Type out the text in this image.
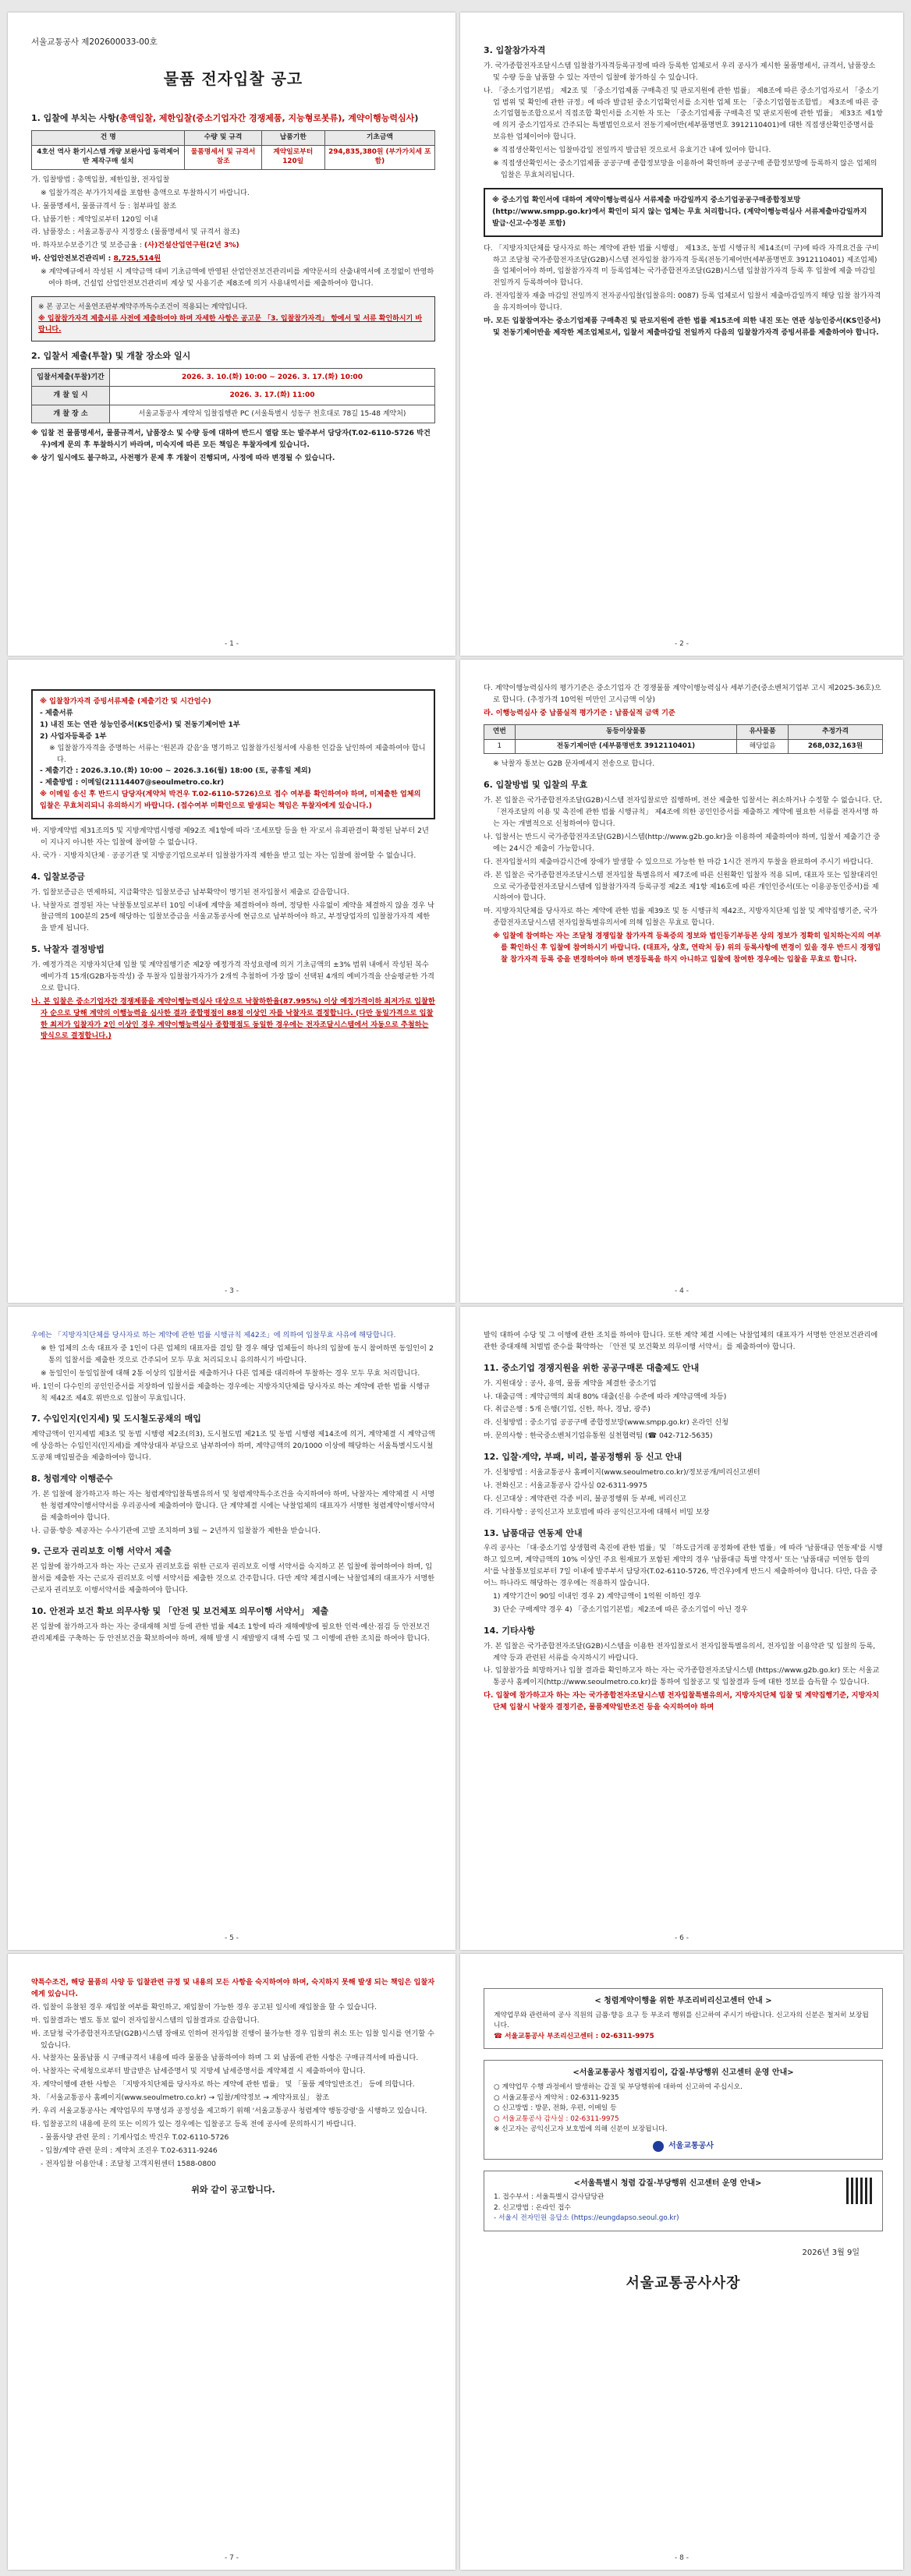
서울교통공사 제202600033-00호
물품 전자입찰 공고
1. 입찰에 부치는 사항(총액입찰, 제한입찰(중소기업자간 경쟁제품, 지능형로봇류), 계약이행능력심사)
건 명	수량 및 규격	납품기한	기초금액
4호선 역사 환기시스템 개량 보완사업 동력제어반 제작구매 설치	물품명세서 및 규격서 참조	계약일로부터 120일	294,835,380원 (부가가치세 포함)
가. 입찰방법 : 총액입찰, 제한입찰, 전자입찰
※ 입찰가격은 부가가치세를 포함한 총액으로 투찰하시기 바랍니다.
나. 물품명세서, 물품규격서 등 : 첨부파일 참조
다. 납품기한 : 계약일로부터 120일 이내
라. 납품장소 : 서울교통공사 지정장소 (물품명세서 및 규격서 참조)
마. 하자보수보증기간 및 보증금율 : (사)건설산업연구원(2년 3%)
바. 산업안전보건관리비 : 8,725,514원
※ 계약예규에서 작성된 시 계약금액 대비 기초금액에 반영된 산업안전보건관리비를 계약문서의 산출내역서에 조정없이 반영하여야 하며, 건설업 산업안전보건관리비 계상 및 사용기준 제8조에 의거 사용내역서를 제출하여야 합니다.
※ 본 공고는 서울연조판부계약주까독수조건이 적용되는 계약입니다.
※ 입찰참가자격 제출서류 사전에 제출하여야 하며 자세한 사항은 공고문 「3. 입찰참가자격」 항에서 및 서류 확인하시기 바랍니다.
2. 입찰서 제출(투찰) 및 개찰 장소와 일시
입찰서제출(투찰)기간	2026. 3. 10.(화) 10:00 ~ 2026. 3. 17.(화) 10:00
개 찰 일 시	2026. 3. 17.(화) 11:00
개 찰 장 소	서울교통공사 계약처 입찰집행관 PC (서울특별시 성동구 천호대로 78길 15-48 계약처)
※ 입찰 전 물품명세서, 물품규격서, 납품장소 및 수량 등에 대하여 반드시 열람 또는 발주부서 담당자(T.02-6110-5726 박건우)에게 문의 후 투찰하시기 바라며, 미숙지에 따른 모든 책임은 투찰자에게 있습니다.
※ 상기 일시에도 불구하고, 사전평가 문제 후 개찰이 진행되며, 사정에 따라 변경될 수 있습니다.
- 1 -
3. 입찰참가자격
가. 국가종합전자조달시스템 입찰참가자격등록규정에 따라 등록한 업체로서 우리 공사가 제시한 물품명세서, 규격서, 납품장소 및 수량 등을 납품할 수 있는 자만이 입찰에 참가하실 수 있습니다.
나. 「중소기업기본법」 제2조 및 「중소기업제품 구매촉진 및 판로지원에 관한 법률」 제8조에 따른 중소기업자로서 「중소기업 범위 및 확인에 관한 규정」에 따라 발급된 중소기업확인서를 소지한 업체 또는 「중소기업협동조합법」 제3조에 따른 중소기업협동조합으로서 직접조합 확인서를 소지한 자 또는 「중소기업제품 구매촉진 및 판로지원에 관한 법률」 제33조 제1항에 의거 중소기업자로 간주되는 특별법인으로서 전동기제어반(세부품명번호 3912110401)에 대한 직접생산확인증명서를 보유한 업체이어야 합니다.
※ 직접생산확인서는 입찰마감일 전일까지 발급된 것으로서 유효기간 내에 있어야 합니다.
※ 직접생산확인서는 중소기업제품 공공구매 종합정보망을 이용하여 확인하며 공공구매 종합정보망에 등록하지 않은 업체의 입찰은 무효처리됩니다.
※ 중소기업 확인서에 대하여 계약이행능력심사 서류제출 마감일까지 중소기업공공구매종합정보망(http://www.smpp.go.kr)에서 확인이 되지 않는 업체는 무효 처리합니다. (계약이행능력심사 서류제출마감일까지 발급·신고·수정분 포함)
다. 「지방자치단체를 당사자로 하는 계약에 관한 법률 시행령」 제13조, 동법 시행규칙 제14조(미 구)에 따라 자격요건을 구비하고 조달청 국가종합전자조달(G2B)시스템 전자입찰 참가자격 등록(전동기제어반(세부품명번호 3912110401) 제조업체)을 업체이어야 하며, 입찰참가자격 미 등록업체는 국가종합전자조달(G2B)시스템 입찰참가자격 등록 후 입찰에 제출 마감일 전일까지 등록하여야 합니다.
라. 전자입찰자 재출 마감일 전일까지 전자공사입찰(입찰유의: 0087) 등록 업체로서 입찰서 제출마감일까지 해당 입찰 참가자격을 유지하여야 합니다.
마. 모든 입찰참여자는 중소기업제품 구매촉진 및 판로지원에 관한 법률 제15조에 의한 내진 또는 연관 성능인증서(KS인증서) 및 전동기제어반을 제작한 제조업체로서, 입찰서 제출마감일 전일까지 다음의 입찰참가자격 증빙서류를 제출하여야 합니다.
- 2 -
※ 입찰참가자격 증빙서류제출 (제출기간 및 시간엄수)
- 제출서류
1) 내진 또는 연관 성능인증서(KS인증서) 및 전동기제어반 1부
2) 사업자등록증 1부
※ 입찰참가자격을 증명하는 서류는 '원본과 같음'을 명기하고 입찰참가신청서에 사용한 인감을 날인하여 제출하여야 합니다.
- 제출기간 : 2026.3.10.(화) 10:00 ~ 2026.3.16(월) 18:00 (토, 공휴일 제외)
- 제출방법 : 이메일(21114407@seoulmetro.co.kr)
※ 이메일 송신 후 반드시 담당자(계약처 박건우 T.02-6110-5726)으로 접수 여부를 확인하여야 하며, 미제출한 업체의 입찰은 무효처리되니 유의하시기 바랍니다. (접수여부 미확인으로 발생되는 책임은 투찰자에게 있습니다.)
바. 지방계약법 제31조의5 및 지방계약법시행령 제92조 제1항에 따라 '조세포탈 등을 한 자'로서 유죄판결이 확정된 날부터 2년이 지나지 아니한 자는 입찰에 참여할 수 없습니다.
사. 국가 · 지방자치단체 · 공공기관 및 지방공기업으로부터 입찰참가자격 제한을 받고 있는 자는 입찰에 참여할 수 없습니다.
4. 입찰보증금
가. 입찰보증금은 면제하되, 지급확약은 입찰보증금 납부확약이 명기된 전자입찰서 제출로 갈음합니다.
나. 낙찰자로 결정된 자는 낙찰통보일로부터 10일 이내에 계약을 체결하여야 하며, 정당한 사유없이 계약을 체결하지 않을 경우 낙찰금액의 100분의 25에 해당하는 입찰보증금을 서울교통공사에 현금으로 납부하여야 하고, 부정당업자의 입찰참가자격 제한을 받게 됩니다.
5. 낙찰자 결정방법
가. 예정가격은 지방자치단체 입찰 및 계약집행기준 제2장 예정가격 작성요령에 의거 기초금액의 ±3% 범위 내에서 작성된 복수예비가격 15개(G2B자동작성) 중 투찰자 입찰참가자가가 2개씩 추첨하여 가장 많이 선택된 4개의 예비가격을 산술평균한 가격으로 합니다.
나. 본 입찰은 중소기업자간 경쟁제품을 계약이행능력심사 대상으로 낙찰하한율(87.995%) 이상 예정가격이하 최저가로 입찰한 자 순으로 당해 계약의 이행능력을 심사한 결과 종합평점이 88점 이상인 자를 낙찰자로 결정합니다. (다만 동일가격으로 입찰한 최저가 입찰자가 2인 이상인 경우 계약이행능력심사 종합평점도 동일한 경우에는 전자조달시스템에서 자동으로 추첨하는 방식으로 결정합니다.)
- 3 -
다. 계약이행능력심사의 평가기준은 중소기업자 간 경쟁물품 계약이행능력심사 세부기준(중소벤처기업부 고시 제2025-36호)으로 합니다. (추정가격 10억원 미만인 고시금액 이상)
라. 이행능력심사 중 납품실적 평가기준 : 납품실적 금액 기준
연번	동등이상물품	유사물품	추정가격
1	전동기제어반 (세부품명번호 3912110401)	해당없음	268,032,163원
※ 낙찰자 통보는 G2B 문자메세지 전송으로 합니다.
6. 입찰방법 및 입찰의 무효
가. 본 입찰은 국가종합전자조달(G2B)시스템 전자입찰로만 집행하며, 전산 제출한 입찰서는 취소하거나 수정할 수 없습니다. 단, 「전자조달의 이용 및 촉진에 관한 법률 시행규칙」 제4조에 의한 공인인증서를 제출하고 계약에 필요한 서류를 전자서명 하는 자는 개별적으로 신청하여야 합니다.
나. 입찰서는 반드시 국가종합전자조달(G2B)시스템(http://www.g2b.go.kr)을 이용하여 제출하여야 하며, 입찰서 제출기간 중에는 24시간 제출이 가능합니다.
다. 전자입찰서의 제출마감시간에 장애가 발생할 수 있으므로 가능한 한 마감 1시간 전까지 투찰을 완료하여 주시기 바랍니다.
라. 본 입찰은 국가종합전자조달시스템 전자입찰 특별유의서 제7조에 따른 신원확인 입찰자 적용 되며, 대표자 또는 입찰대리인으로 국가종합전자조달시스템에 입찰참가자격 등록규정 제2조 제1항 제16호에 따른 개인인증서(또는 이용공동인증서)를 제시하여야 합니다.
마. 지방자치단체를 당사자로 하는 계약에 관한 법률 제39조 및 동 시행규칙 제42조, 지방자치단체 입찰 및 계약집행기준, 국가종합전자조달시스템 전자입찰특별유의서에 의해 입찰은 무효로 합니다.
※ 입찰에 참여하는 자는 조달청 경쟁입찰 참가자격 등록증의 정보와 법인등기부등본 상의 정보가 정확히 일치하는지의 여부를 확인하신 후 입찰에 참여하시기 바랍니다. (대표자, 상호, 연락처 등) 위의 등록사항에 변경이 있을 경우 반드시 경쟁입찰 참가자격 등록 중을 변경하여야 하며 변경등록을 하지 아니하고 입찰에 참여한 경우에는 입찰을 무효로 합니다.
- 4 -
우에는 「지방자치단체를 당사자로 하는 계약에 관한 법률 시행규칙 제42조」에 의하여 입찰무효 사유에 해당합니다.
※ 한 업체의 소속 대표자 중 1인이 다른 업체의 대표자를 겸임 할 경우 해당 업체들이 하나의 입찰에 동시 참여하면 동일인이 2통의 입찰서를 제출한 것으로 간주되어 모두 무효 처리되오니 유의하시기 바랍니다.
※ 동일인이 동일입찰에 대해 2통 이상의 입찰서를 제출하거나 다른 업체를 대리하여 투찰하는 경우 모두 무효 처리합니다.
바. 1인이 다수인의 공인인증서를 저장하여 입찰서를 제출하는 경우에는 지방자치단체를 당사자로 하는 계약에 관한 법률 시행규칙 제42조 제4호 위반으로 입찰이 무효입니다.
7. 수입인지(인지세) 및 도시철도공채의 매입
계약금액이 인지세법 제3조 및 동법 시행령 제2조(의3), 도시철도법 제21조 및 동법 시행령 제14조에 의거, 계약체결 시 계약금액에 상응하는 수입인지(인지세)를 계약상대자 부담으로 납부하여야 하며, 계약금액의 20/1000 이상에 해당하는 서울특별시도시철도공채 매입필증을 제출하여야 합니다.
8. 청렴계약 이행준수
가. 본 입찰에 참가하고자 하는 자는 청렴계약입찰특별유의서 및 청렴계약특수조건을 숙지하여야 하며, 낙찰자는 계약체결 시 서명한 청렴계약이행서약서를 우리공사에 제출하여야 합니다. 단 계약체결 시에는 낙찰업체의 대표자가 서명한 청렴계약이행서약서를 제출하여야 합니다.
나. 금품·향응 제공자는 수사기관에 고발 조치하며 3월 ~ 2년까지 입찰참가 제한을 받습니다.
9. 근로자 권리보호 이행 서약서 제출
본 입찰에 참가하고자 하는 자는 근로자 권리보호를 위한 근로자 권리보호 이행 서약서를 숙지하고 본 입찰에 참여하여야 하며, 입찰서를 제출한 자는 근로자 권리보호 이행 서약서를 제출한 것으로 간주합니다. 다만 계약 체결시에는 낙찰업체의 대표자가 서명한 근로자 권리보호 이행서약서를 제출하여야 합니다.
10. 안전과 보건 확보 의무사항 및 「안전 및 보건체포 의무이행 서약서」 제출
본 입찰에 참가하고자 하는 자는 중대재해 처벌 등에 관한 법률 제4조 1항에 따라 재해예방에 필요한 인력·예산·점검 등 안전보건관리체계를 구축하는 등 안전보건을 확보하여야 하며, 재해 발생 시 재발방지 대책 수립 및 그 이행에 관한 조치를 하여야 합니다.
- 5 -
발익 대하여 수당 및 그 이행에 관한 조치를 하여야 합니다. 또한 계약 체결 시에는 낙찰업체의 대표자가 서명한 안전보건관리에 관한 중대재해 처벌법 준수를 확약하는 「안전 및 보건확보 의무이행 서약서」를 제출하여야 합니다.
11. 중소기업 경쟁지원을 위한 공공구매론 대출제도 안내
가. 지원대상 : 공사, 용역, 물품 계약을 체결한 중소기업
나. 대출금액 : 계약금액의 최대 80% 대출(신용 수준에 따라 계약금액에 차등)
다. 취급은행 : 5개 은행(기업, 신한, 하나, 경남, 광주)
라. 신청방법 : 중소기업 공공구매 종합정보망(www.smpp.go.kr) 온라인 신청
마. 문의사항 : 한국중소벤처기업유통원 실천협력팀 (☎ 042-712-5635)
12. 입찰·계약, 부패, 비리, 불공정행위 등 신고 안내
가. 신청방법 : 서울교통공사 홈페이지(www.seoulmetro.co.kr)/정보공개/비리신고센터
나. 전화신고 : 서울교통공사 감사실 02-6311-9975
다. 신고대상 : 계약관련 각종 비리, 불공정행위 등 부패, 비리신고
라. 기타사항 : 공익신고자 보호법에 따라 공익신고자에 대해서 비밀 보장
13. 납품대금 연동제 안내
우리 공사는 「대·중소기업 상생협력 촉진에 관한 법률」및 「하도급거래 공정화에 관한 법률」에 따라 '납품대금 연동제'를 시행하고 있으며, 계약금액의 10% 이상인 주요 원재료가 포함된 계약의 경우 '납품대금 특별 약정서' 또는 '납품대금 미연동 합의서'를 낙찰통보일로부터 7일 이내에 발주부서 담당자(T.02-6110-5726, 박건우)에게 반드시 제출하여야 합니다. 다만, 다음 중 어느 하나라도 해당하는 경우에는 적용하지 않습니다.
1) 계약기간이 90일 이내인 경우 2) 계약금액이 1억원 이하인 경우
3) 단순 구매계약 경우 4) 「중소기업기본법」제2조에 따른 중소기업이 아닌 경우
14. 기타사항
가. 본 입찰은 국가종합전자조달(G2B)시스템을 이용한 전자입찰로서 전자입찰특별유의서, 전자입찰 이용약관 및 입찰의 등록, 계약 등과 관련된 서류를 숙지하시기 바랍니다.
나. 입찰참가를 희망하거나 입찰 결과를 확인하고자 하는 자는 국가종합전자조달시스템 (https://www.g2b.go.kr) 또는 서울교통공사 홈페이지(http://www.seoulmetro.co.kr)를 통하여 입찰공고 및 입찰결과 등에 대한 정보를 습득할 수 있습니다.
다. 입찰에 참가하고자 하는 자는 국가종합전자조달시스템 전자입찰특별유의서, 지방자치단체 입찰 및 계약집행기준, 지방자치단체 입찰시 낙찰자 결정기준, 물품계약일반조건 등을 숙지하여야 하며
- 6 -
약특수조건, 해당 물품의 사양 등 입찰관련 규정 및 내용의 모든 사항을 숙지하여야 하며, 숙지하지 못해 발생 되는 책임은 입찰자에게 있습니다.
라. 입찰이 유찰된 경우 재입찰 여부를 확인하고, 재입찰이 가능한 경우 공고된 일시에 재입찰을 할 수 있습니다.
마. 입찰결과는 별도 통보 없이 전자입찰시스템의 입찰결과로 갈음합니다.
바. 조달청 국가종합전자조달(G2B)시스템 장애로 인하여 전자입찰 진행이 불가능한 경우 입찰의 취소 또는 입찰 일시를 연기할 수 있습니다.
사. 낙찰자는 물품납품 시 구매규격서 내용에 따라 물품을 납품하여야 하며 그 외 납품에 관한 사항은 구매규격서에 따릅니다.
아. 낙찰자는 국세청으로부터 발급받은 납세증명서 및 지방세 납세증명서를 계약체결 시 제출하여야 합니다.
자. 계약이행에 관한 사항은 「지방자치단체를 당사자로 하는 계약에 관한 법률」 및 「물품 계약일반조건」 등에 의합니다.
차. 「서울교통공사 홈페이지(www.seoulmetro.co.kr) → 입찰/계약정보 → 계약자료실」 참조
카. 우리 서울교통공사는 계약업무의 투명성과 공정성을 제고하기 위해 '서울교통공사 청렴계약 행동강령'을 시행하고 있습니다.
타. 입찰공고의 내용에 문의 또는 이의가 있는 경우에는 입찰공고 등록 전에 공사에 문의하시기 바랍니다.
- 물품사양 관련 문의 : 기계사업소 박건우 T.02-6110-5726
- 입찰/계약 관련 문의 : 계약처 조진우 T.02-6311-9246
- 전자입찰 이용안내 : 조달청 고객지원센터 1588-0800
위와 같이 공고합니다.
- 7 -
< 청렴계약이행을 위한 부조리비리신고센터 안내 >
계약업무와 관련하여 공사 직원의 금품·향응 요구 등 부조리 행위를 신고하여 주시기 바랍니다. 신고자의 신분은 철저히 보장됩니다.
☎ 서울교통공사 부조리신고센터 : 02-6311-9975
<서울교통공사 청렴지킴이, 갑질·부당행위 신고센터 운영 안내>
○ 계약업무 수행 과정에서 발생하는 갑질 및 부당행위에 대하여 신고하여 주십시오.
○ 서울교통공사 계약처 : 02-6311-9235
○ 신고방법 : 방문, 전화, 우편, 이메일 등
○ 서울교통공사 감사실 : 02-6311-9975
※ 신고자는 공익신고자 보호법에 의해 신분이 보장됩니다.
서울교통공사
<서울특별시 청렴 갑질·부당행위 신고센터 운영 안내>
1. 접수부서 : 서울특별시 감사담당관
2. 신고방법 : 온라인 접수
- 서울시 전자민원 응답소 (https://eungdapso.seoul.go.kr)
2026년 3월 9일
서울교통공사사장
- 8 -
